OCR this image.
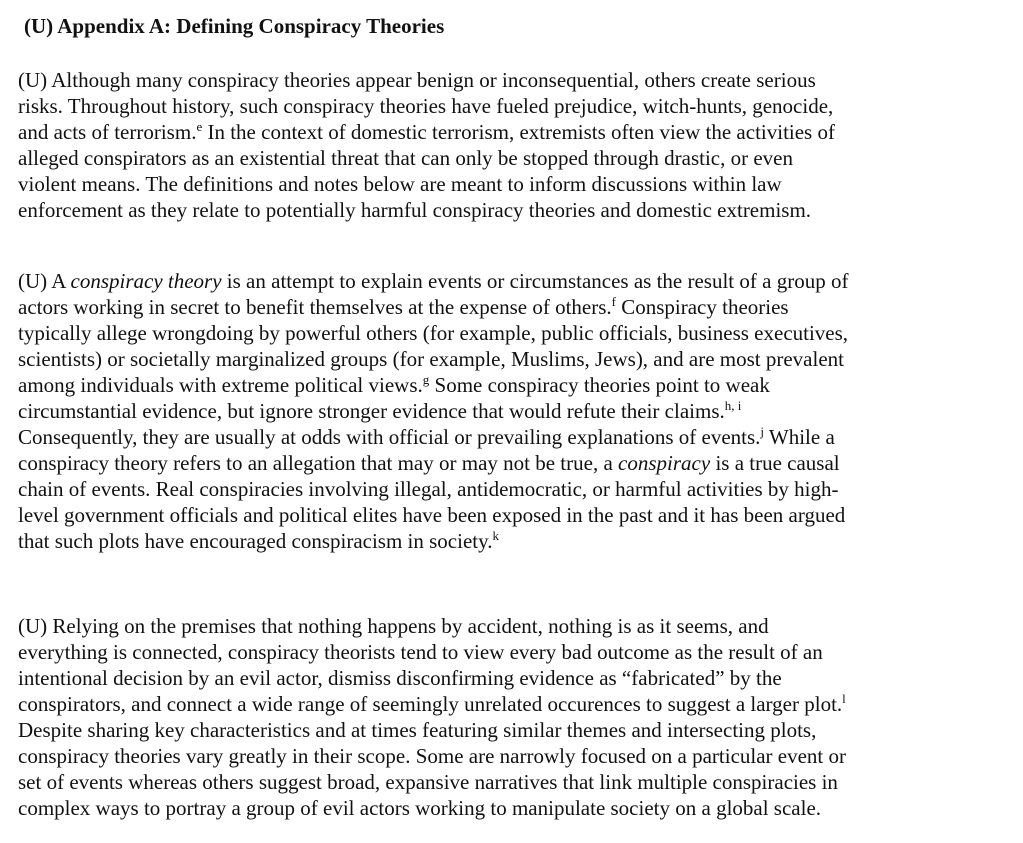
(U) Appendix A: Defining Conspiracy Theories

(U) Although many conspiracy theories appear benign or inconsequential, others create serious
risks. Throughout history, such conspiracy theories have fueled prejudice, witch-hunts, genocide,
and acts of terrorism.$^e$ In the context of domestic terrorism, extremists often view the activities of
alleged conspirators as an existential threat that can only be stopped through drastic, or even
violent means. The definitions and notes below are meant to inform discussions within law
enforcement as they relate to potentially harmful conspiracy theories and domestic extremism.

(U) A conspiracy theory is an attempt to explain events or circumstances as the result of a group of
actors working in secret to benefit themselves at the expense of others.$^f$ Conspiracy theories
typically allege wrongdoing by powerful others (for example, public officials, business executives,
scientists) or societally marginalized groups (for example, Muslims, Jews), and are most prevalent
among individuals with extreme political views.$^g$ Some conspiracy theories point to weak
circumstantial evidence, but ignore stronger evidence that would refute their claims.$^{h, i}$
Consequently, they are usually at odds with official or prevailing explanations of events.$^j$ While a
conspiracy theory refers to an allegation that may or may not be true, a conspiracy is a true causal
chain of events. Real conspiracies involving illegal, antidemocratic, or harmful activities by high-
level government officials and political elites have been exposed in the past and it has been argued
that such plots have encouraged conspiracism in society.$^k$

(U) Relying on the premises that nothing happens by accident, nothing is as it seems, and
everything is connected, conspiracy theorists tend to view every bad outcome as the result of an
intentional decision by an evil actor, dismiss disconfirming evidence as “fabricated” by the
conspirators, and connect a wide range of seemingly unrelated occurences to suggest a larger plot.$^l$
Despite sharing key characteristics and at times featuring similar themes and intersecting plots,
conspiracy theories vary greatly in their scope. Some are narrowly focused on a particular event or
set of events whereas others suggest broad, expansive narratives that link multiple conspiracies in
complex ways to portray a group of evil actors working to manipulate society on a global scale.
